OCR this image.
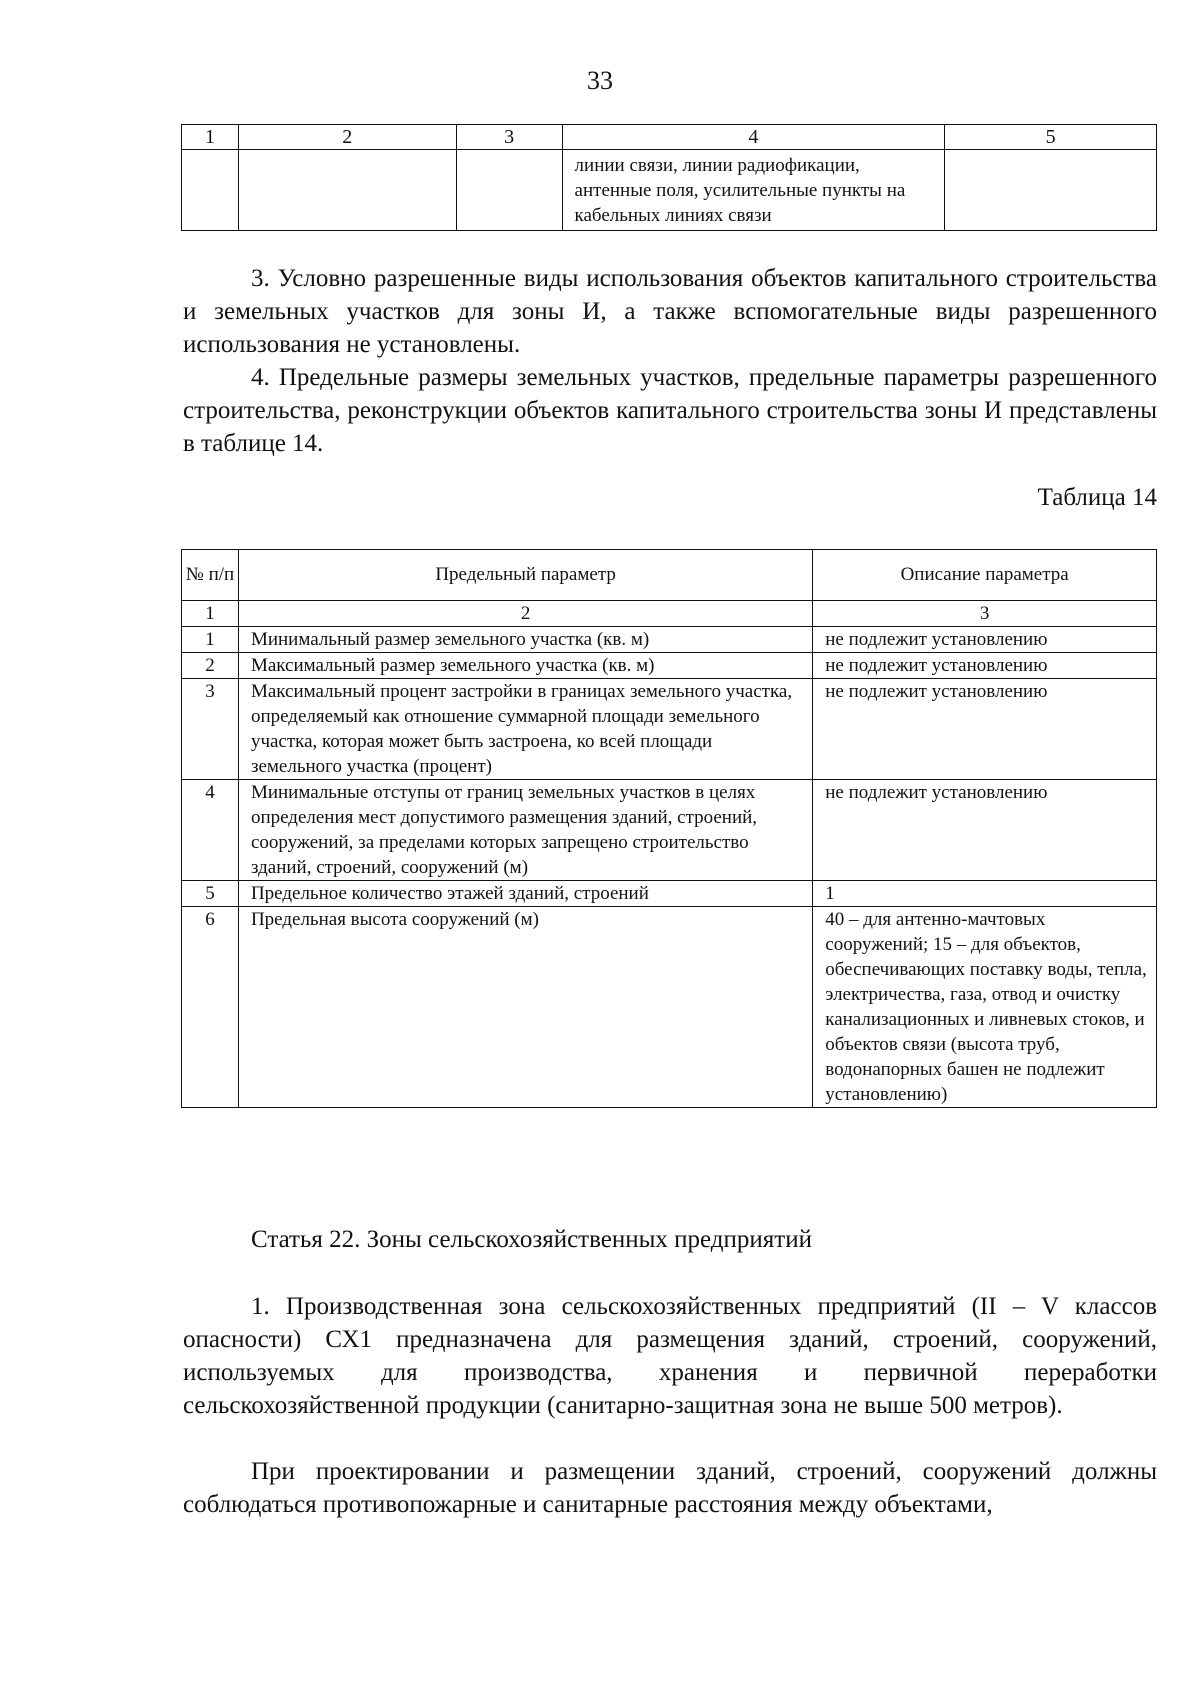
33
1	2	3	4	5
			линии связи, линии радиофикации, антенные поля, усилительные пункты на кабельных линиях связи	
3. Условно разрешенные виды использования объектов капитального строительства и земельных участков для зоны И, а также вспомогательные виды разрешенного использования не установлены.
4. Предельные размеры земельных участков, предельные параметры разрешенного строительства, реконструкции объектов капитального строительства зоны И представлены в таблице 14.
Таблица 14
№ п/п	Предельный параметр	Описание параметра
1	2	3
1	Минимальный размер земельного участка (кв. м)	не подлежит установлению
2	Максимальный размер земельного участка (кв. м)	не подлежит установлению
3	Максимальный процент застройки в границах земельного участка, определяемый как отношение суммарной площади земельного участка, которая может быть застроена, ко всей площади земельного участка (процент)	не подлежит установлению
4	Минимальные отступы от границ земельных участков в целях определения мест допустимого размещения зданий, строений, сооружений, за пределами которых запрещено строительство зданий, строений, сооружений (м)	не подлежит установлению
5	Предельное количество этажей зданий, строений	1
6	Предельная высота сооружений (м)	40 – для антенно-мачтовых сооружений; 15 – для объектов, обеспечивающих поставку воды, тепла, электричества, газа, отвод и очистку канализационных и ливневых стоков, и объектов связи (высота труб, водонапорных башен не подлежит установлению)
Статья 22. Зоны сельскохозяйственных предприятий
1. Производственная зона сельскохозяйственных предприятий (II – V классов опасности) СХ1 предназначена для размещения зданий, строений, сооружений, используемых для производства, хранения и первичной переработки сельскохозяйственной продукции (санитарно-защитная зона не выше 500 метров).
При проектировании и размещении зданий, строений, сооружений должны соблюдаться противопожарные и санитарные расстояния между объектами,
